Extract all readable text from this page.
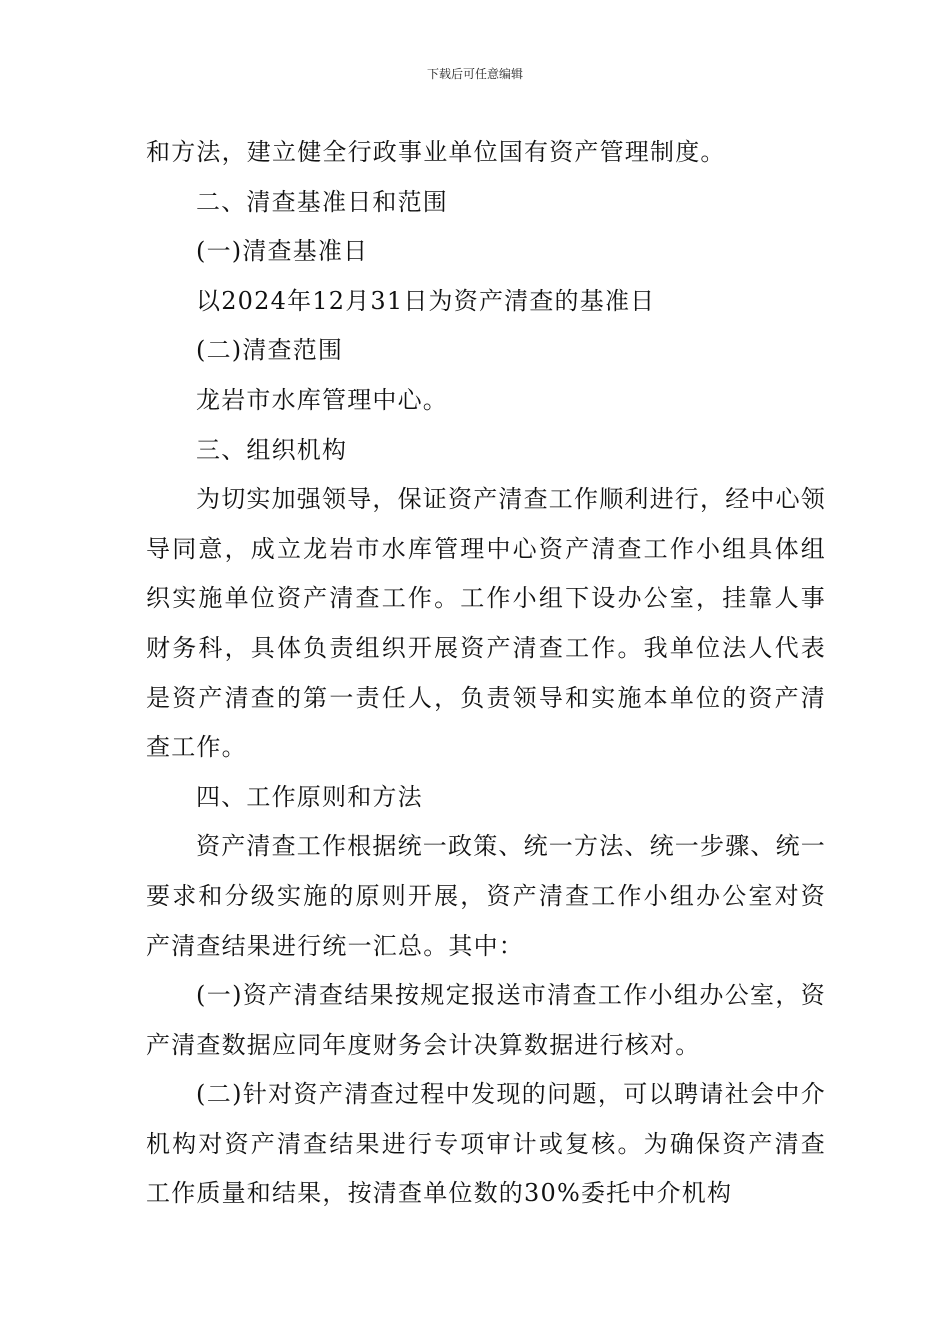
下载后可任意编辑

和方法，建立健全行政事业单位国有资产管理制度。

二、清查基准日和范围

(一)清查基准日

以2024年12月31日为资产清查的基准日

(二)清查范围

龙岩市水库管理中心。

三、组织机构

为切实加强领导，保证资产清查工作顺利进行，经中心领导同意，成立龙岩市水库管理中心资产清查工作小组具体组织实施单位资产清查工作。工作小组下设办公室，挂靠人事财务科，具体负责组织开展资产清查工作。我单位法人代表是资产清查的第一责任人，负责领导和实施本单位的资产清查工作。

四、工作原则和方法

资产清查工作根据统一政策、统一方法、统一步骤、统一要求和分级实施的原则开展，资产清查工作小组办公室对资产清查结果进行统一汇总。其中：

(一)资产清查结果按规定报送市清查工作小组办公室，资产清查数据应同年度财务会计决算数据进行核对。

(二)针对资产清查过程中发现的问题，可以聘请社会中介机构对资产清查结果进行专项审计或复核。为确保资产清查工作质量和结果，按清查单位数的30%委托中介机构
